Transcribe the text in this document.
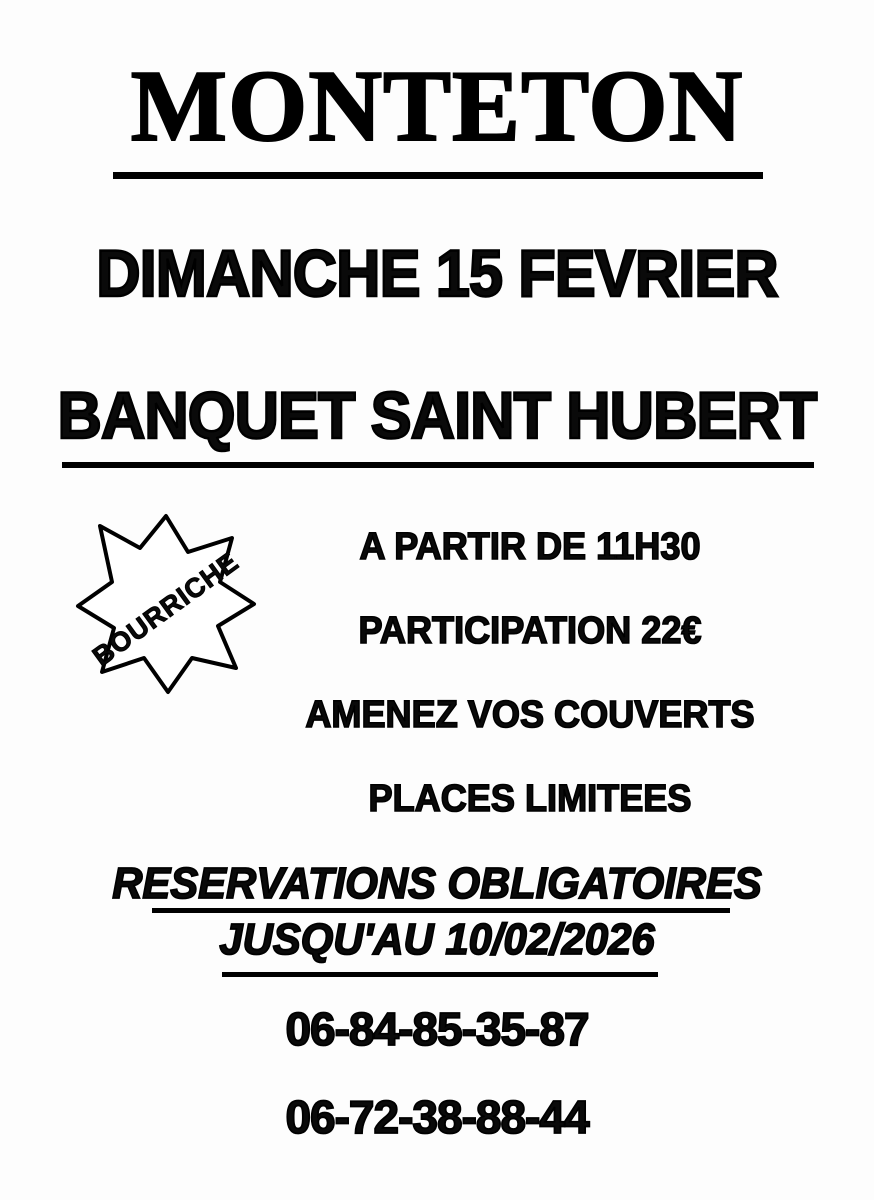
MONTETON
DIMANCHE 15 FEVRIER
BANQUET SAINT HUBERT
BOURRICHE	A PARTIR DE 11H30
PARTICIPATION 22€
AMENEZ VOS COUVERTS
PLACES LIMITEES
RESERVATIONS OBLIGATOIRES
JUSQU'AU 10/02/2026
06-84-85-35-87
06-72-38-88-44
